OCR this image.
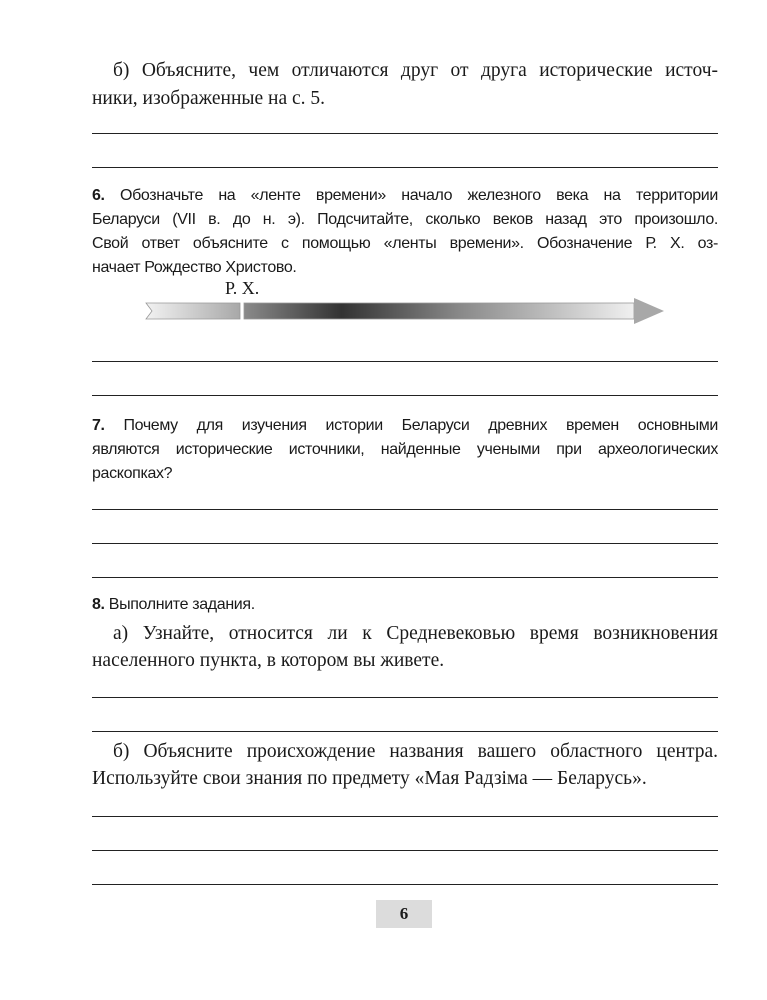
б) Объясните, чем отличаются друг от друга исторические источ-
ники, изображенные на с. 5.
6. Обозначьте на «ленте времени» начало железного века на территории
Беларуси (VII в. до н. э). Подсчитайте, сколько веков назад это произошло.
Свой ответ объясните с помощью «ленты времени». Обозначение Р. Х. оз-
начает Рождество Христово.
Р. Х.
7. Почему для изучения истории Беларуси древних времен основными
являются исторические источники, найденные учеными при археологических
раскопках?
8. Выполните задания.
а) Узнайте, относится ли к Средневековью время возникновения
населенного пункта, в котором вы живете.
б) Объясните происхождение названия вашего областного центра.
Используйте свои знания по предмету «Мая Радзіма — Беларусь».
6
